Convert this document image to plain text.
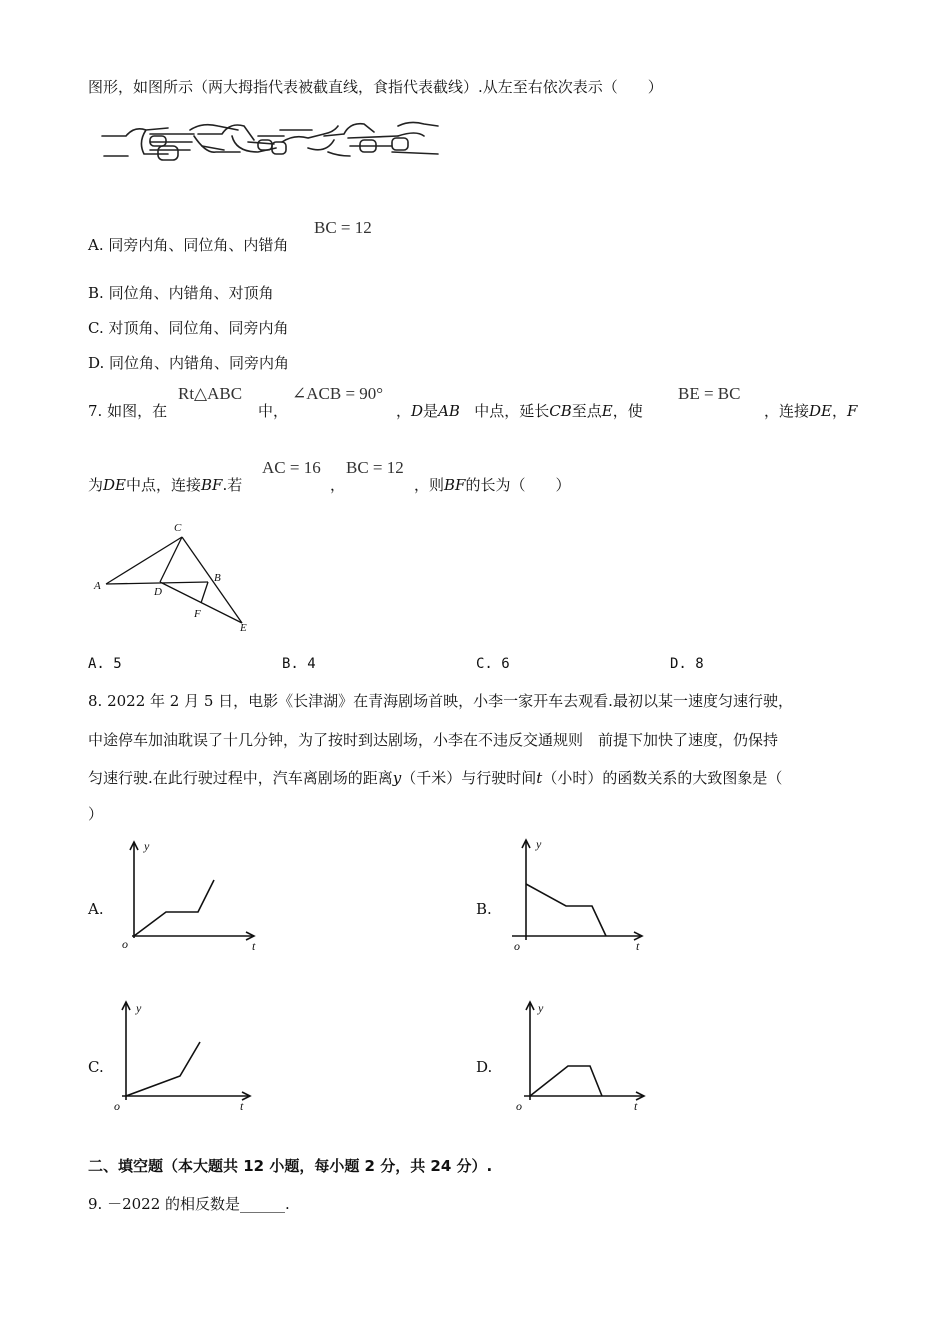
图形，如图所示（两大拇指代表被截直线，食指代表截线）.从左至右依次表示（　　）
A. 同旁内角、同位角、内错角
BC = 12
B. 同位角、内错角、对顶角
C. 对顶角、同位角、同旁内角
D. 同位角、内错角、同旁内角
7. 如图，在
Rt△ABC
中，
∠ACB = 90°
，D是AB 中点，延长CB至点E，使
BE = BC
，连接DE，F
为DE中点，连接BF.若
AC = 16
，
BC = 12
，则BF的长为（　　）
A
C
D
B
F
E
A. 5	B. 4	C. 6	D. 8
8. 2022 年 2 月 5 日，电影《长津湖》在青海剧场首映，小李一家开车去观看.最初以某一速度匀速行驶，
中途停车加油耽误了十几分钟，为了按时到达剧场，小李在不违反交通规则　前提下加快了速度，仍保持
匀速行驶.在此行驶过程中，汽车离剧场的距离y（千米）与行驶时间t（小时）的函数关系的大致图象是（
）
A.
y
t
o
B.
y
t
o
C.
y
t
o
D.
y
t
o
二、填空题（本大题共 12 小题，每小题 2 分，共 24 分）.
9. －2022 的相反数是______.
